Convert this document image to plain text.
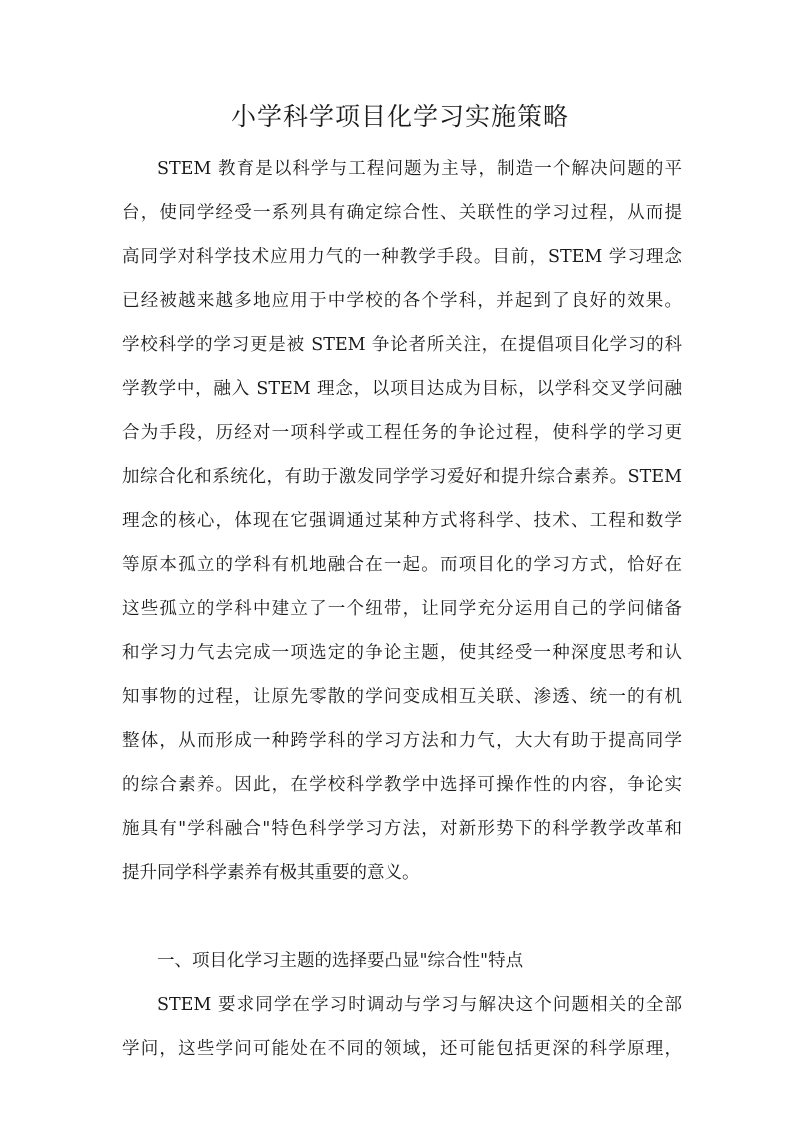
小学科学项目化学习实施策略

STEM 教育是以科学与工程问题为主导，制造一个解决问题的平

台，使同学经受一系列具有确定综合性、关联性的学习过程，从而提

高同学对科学技术应用力气的一种教学手段。目前，STEM 学习理念

已经被越来越多地应用于中学校的各个学科，并起到了良好的效果。

学校科学的学习更是被 STEM 争论者所关注，在提倡项目化学习的科

学教学中，融入 STEM 理念，以项目达成为目标，以学科交叉学问融

合为手段，历经对一项科学或工程任务的争论过程，使科学的学习更

加综合化和系统化，有助于激发同学学习爱好和提升综合素养。STEM

理念的核心，体现在它强调通过某种方式将科学、技术、工程和数学

等原本孤立的学科有机地融合在一起。而项目化的学习方式，恰好在

这些孤立的学科中建立了一个纽带，让同学充分运用自己的学问储备

和学习力气去完成一项选定的争论主题，使其经受一种深度思考和认

知事物的过程，让原先零散的学问变成相互关联、渗透、统一的有机

整体，从而形成一种跨学科的学习方法和力气，大大有助于提高同学

的综合素养。因此，在学校科学教学中选择可操作性的内容，争论实

施具有"学科融合"特色科学学习方法，对新形势下的科学教学改革和

提升同学科学素养有极其重要的意义。

一、项目化学习主题的选择要凸显"综合性"特点

STEM 要求同学在学习时调动与学习与解决这个问题相关的全部

学问，这些学问可能处在不同的领域，还可能包括更深的科学原理，
